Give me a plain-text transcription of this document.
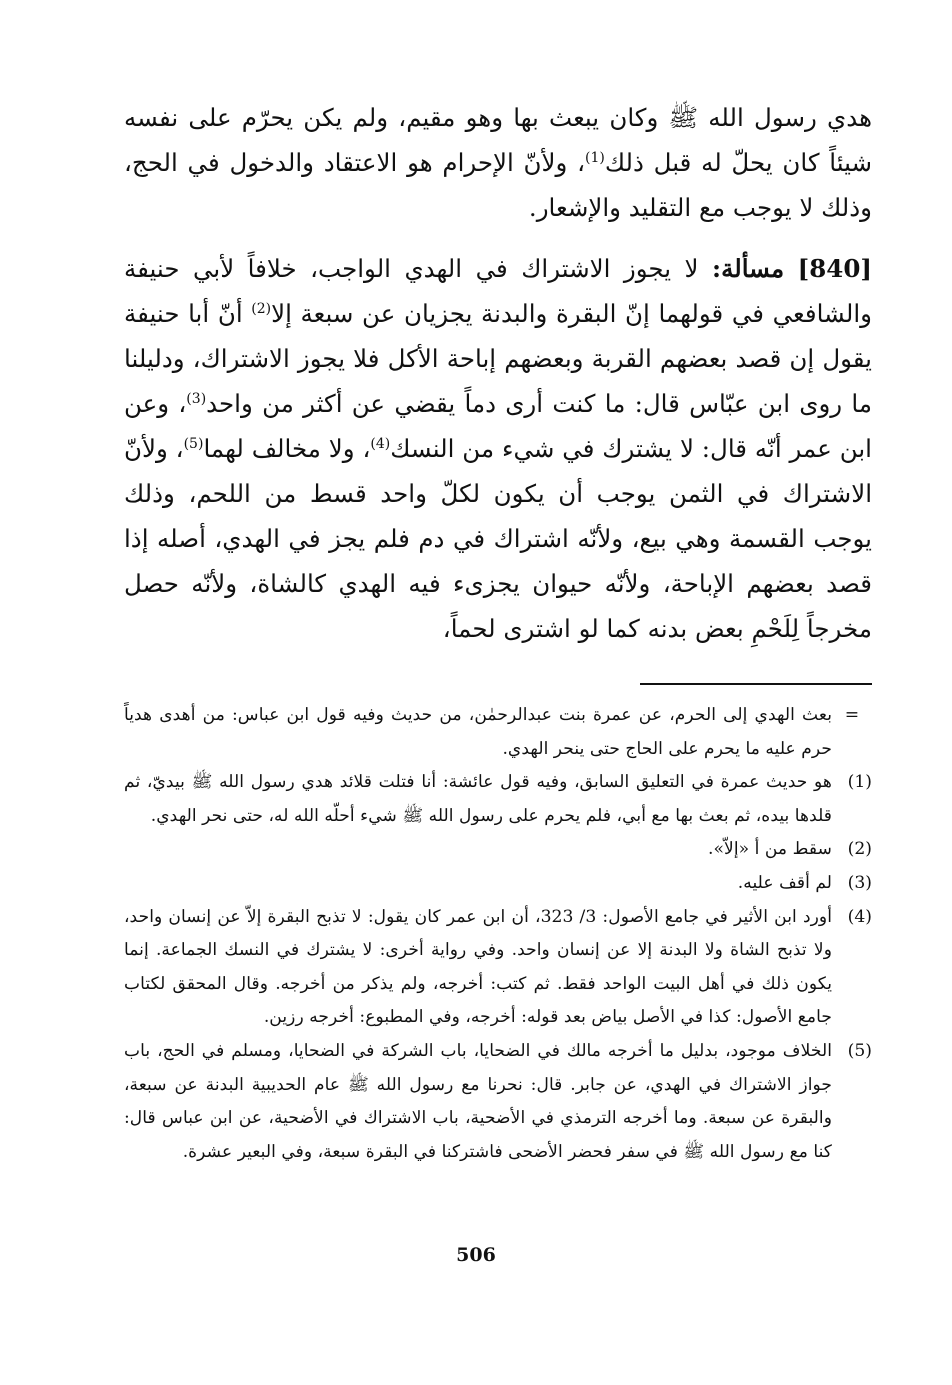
هدي رسول الله ﷺ وكان يبعث بها وهو مقيم، ولم يكن يحرّم على نفسه شيئاً كان يحلّ له قبل ذلك$^{(1)}$، ولأنّ الإحرام هو الاعتقاد والدخول في الحج، وذلك لا يوجب مع التقليد والإشعار.

[840] مسألة: لا يجوز الاشتراك في الهدي الواجب، خلافاً لأبي حنيفة والشافعي في قولهما إنّ البقرة والبدنة يجزيان عن سبعة إلا$^{(2)}$ أنّ أبا حنيفة يقول إن قصد بعضهم القربة وبعضهم إباحة الأكل فلا يجوز الاشتراك، ودليلنا ما روى ابن عبّاس قال: ما كنت أرى دماً يقضي عن أكثر من واحد$^{(3)}$، وعن ابن عمر أنّه قال: لا يشترك في شيء من النسك$^{(4)}$، ولا مخالف لهما$^{(5)}$، ولأنّ الاشتراك في الثمن يوجب أن يكون لكلّ واحد قسط من اللحم، وذلك يوجب القسمة وهي بيع، ولأنّه اشتراك في دم فلم يجز في الهدي، أصله إذا قصد بعضهم الإباحة، ولأنّه حيوان يجزىء فيه الهدي كالشاة، ولأنّه حصل مخرجاً لِلَحْمِ بعض بدنه كما لو اشترى لحماً،

=
بعث الهدي إلى الحرم، عن عمرة بنت عبدالرحمٰن، من حديث وفيه قول ابن عباس: من أهدى هدياً حرم عليه ما يحرم على الحاج حتى ينحر الهدي.
(1)
هو حديث عمرة في التعليق السابق، وفيه قول عائشة: أنا فتلت قلائد هدي رسول الله ﷺ بيديّ، ثم قلدها بيده، ثم بعث بها مع أبي، فلم يحرم على رسول الله ﷺ شيء أحلّه الله له، حتى نحر الهدي.
(2)
سقط من أ «إلاّ».
(3)
لم أقف عليه.
(4)
أورد ابن الأثير في جامع الأصول: 3/ 323، أن ابن عمر كان يقول: لا تذبح البقرة إلاّ عن إنسان واحد، ولا تذبح الشاة ولا البدنة إلا عن إنسان واحد. وفي رواية أخرى: لا يشترك في النسك الجماعة. إنما يكون ذلك في أهل البيت الواحد فقط. ثم كتب: أخرجه، ولم يذكر من أخرجه. وقال المحقق لكتاب جامع الأصول: كذا في الأصل بياض بعد قوله: أخرجه، وفي المطبوع: أخرجه رزين.
(5)
الخلاف موجود، بدليل ما أخرجه مالك في الضحايا، باب الشركة في الضحايا، ومسلم في الحج، باب جواز الاشتراك في الهدي، عن جابر. قال: نحرنا مع رسول الله ﷺ عام الحديبية البدنة عن سبعة، والبقرة عن سبعة. وما أخرجه الترمذي في الأضحية، باب الاشتراك في الأضحية، عن ابن عباس قال: كنا مع رسول الله ﷺ في سفر فحضر الأضحى فاشتركنا في البقرة سبعة، وفي البعير عشرة.
506
